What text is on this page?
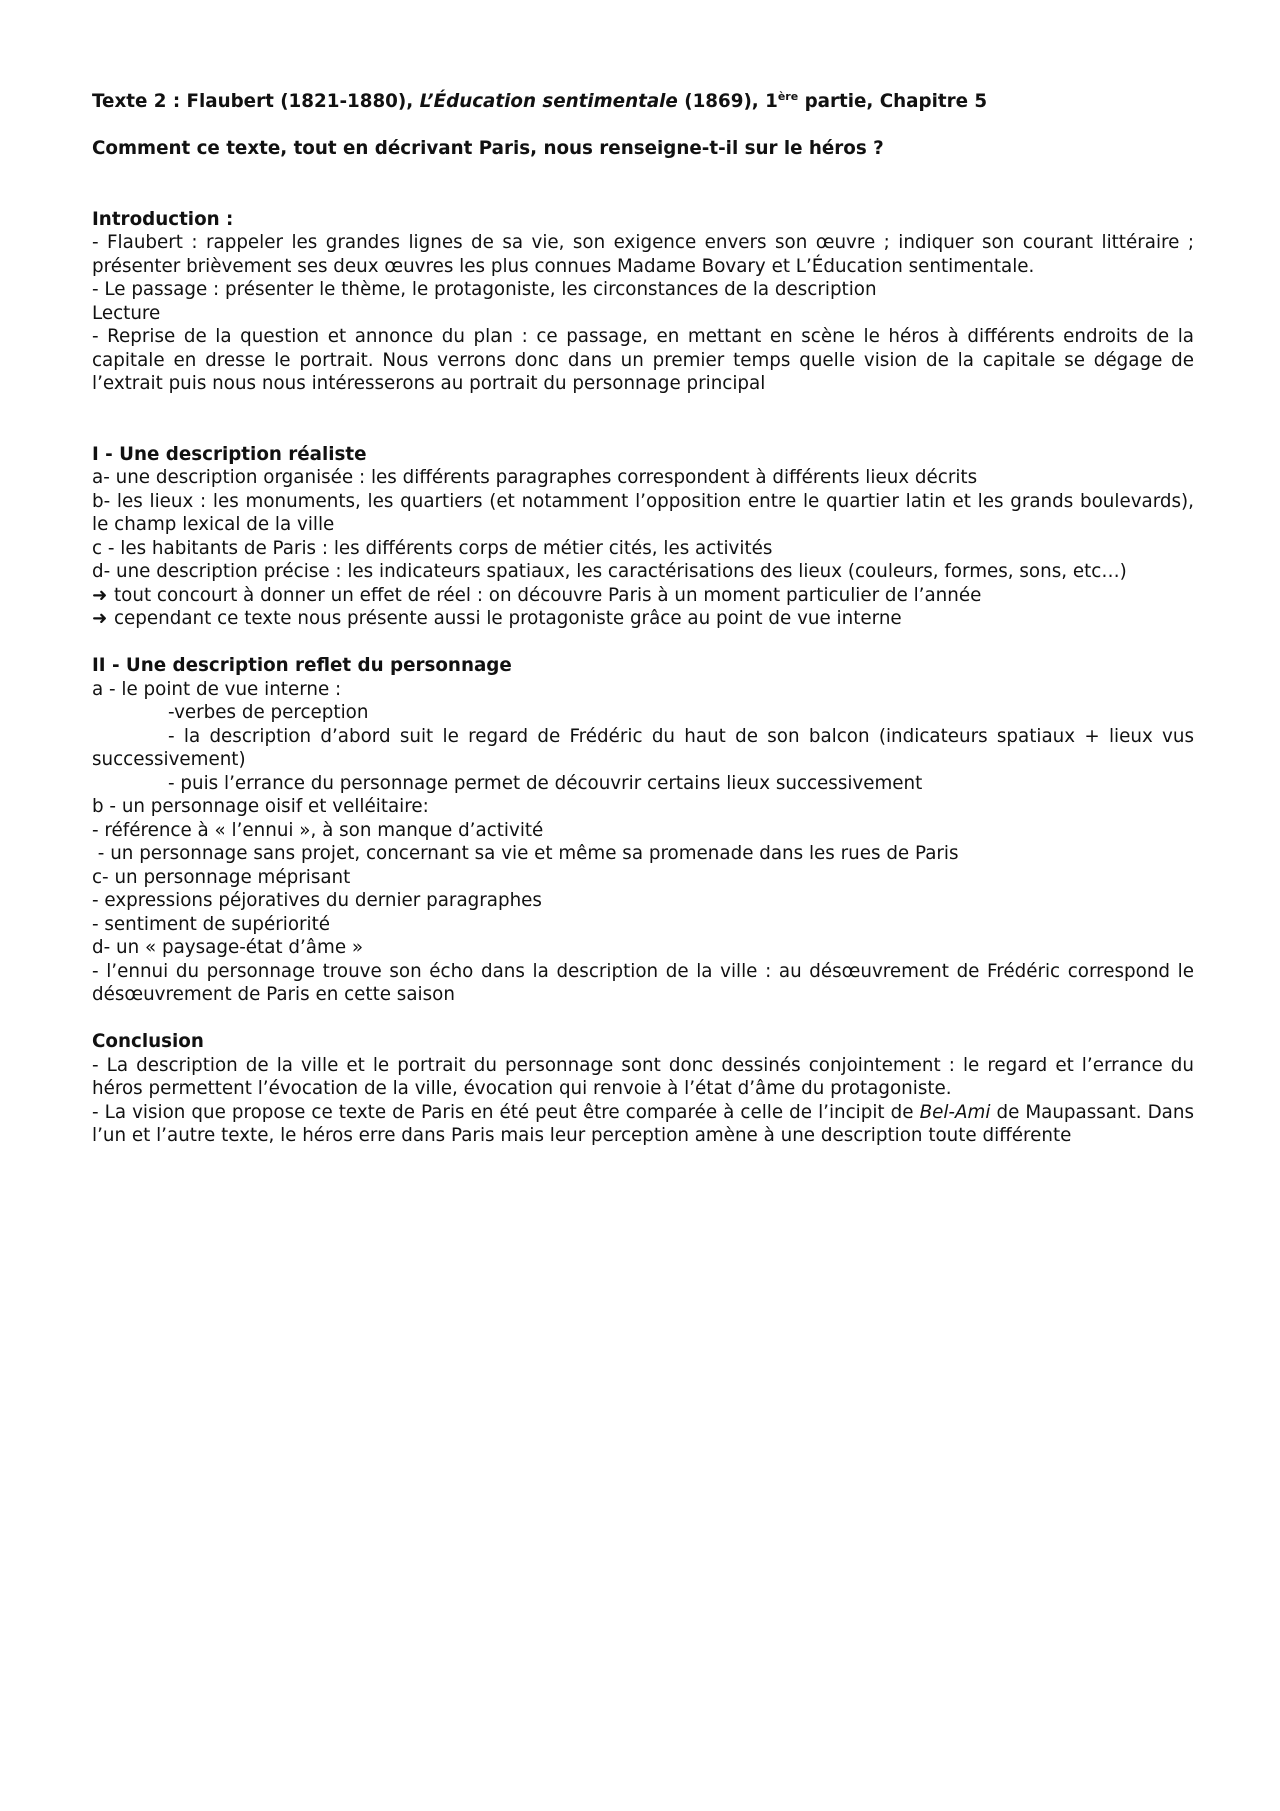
Texte 2 : Flaubert (1821-1880), L’Éducation sentimentale (1869), 1ère partie, Chapitre 5

Comment ce texte, tout en décrivant Paris, nous renseigne-t-il sur le héros ?

Introduction :

- Flaubert : rappeler les grandes lignes de sa vie, son exigence envers son œuvre ; indiquer son courant littéraire ; présenter brièvement ses deux œuvres les plus connues Madame Bovary et L’Éducation sentimentale.

- Le passage : présenter le thème, le protagoniste, les circonstances de la description

Lecture

- Reprise de la question et annonce du plan : ce passage, en mettant en scène le héros à différents endroits de la capitale en dresse le portrait. Nous verrons donc dans un premier temps quelle vision de la capitale se dégage de l’extrait puis nous nous intéresserons au portrait du personnage principal

I - Une description réaliste

a- une description organisée : les différents paragraphes correspondent à différents lieux décrits

b- les lieux : les monuments, les quartiers (et notamment l’opposition entre le quartier latin et les grands boulevards), le champ lexical de la ville

c - les habitants de Paris : les différents corps de métier cités, les activités

d- une description précise : les indicateurs spatiaux, les caractérisations des lieux (couleurs, formes, sons, etc…)

➜ tout concourt à donner un effet de réel : on découvre Paris à un moment particulier de l’année

➜ cependant ce texte nous présente aussi le protagoniste grâce au point de vue interne

II - Une description reflet du personnage

a - le point de vue interne :

-verbes de perception

- la description d’abord suit le regard de Frédéric du haut de son balcon (indicateurs spatiaux + lieux vus successivement)

- puis l’errance du personnage permet de découvrir certains lieux successivement

b - un personnage oisif et velléitaire:

- référence à « l’ennui », à son manque d’activité

- un personnage sans projet, concernant sa vie et même sa promenade dans les rues de Paris

c- un personnage méprisant

- expressions péjoratives du dernier paragraphes

- sentiment de supériorité

d- un « paysage-état d’âme »

- l’ennui du personnage trouve son écho dans la description de la ville : au désœuvrement de Frédéric correspond le désœuvrement de Paris en cette saison

Conclusion

- La description de la ville et le portrait du personnage sont donc dessinés conjointement : le regard et l’errance du héros permettent l’évocation de la ville, évocation qui renvoie à l’état d’âme du protagoniste.

- La vision que propose ce texte de Paris en été peut être comparée à celle de l’incipit de Bel-Ami de Maupassant. Dans l’un et l’autre texte, le héros erre dans Paris mais leur perception amène à une description toute différente
